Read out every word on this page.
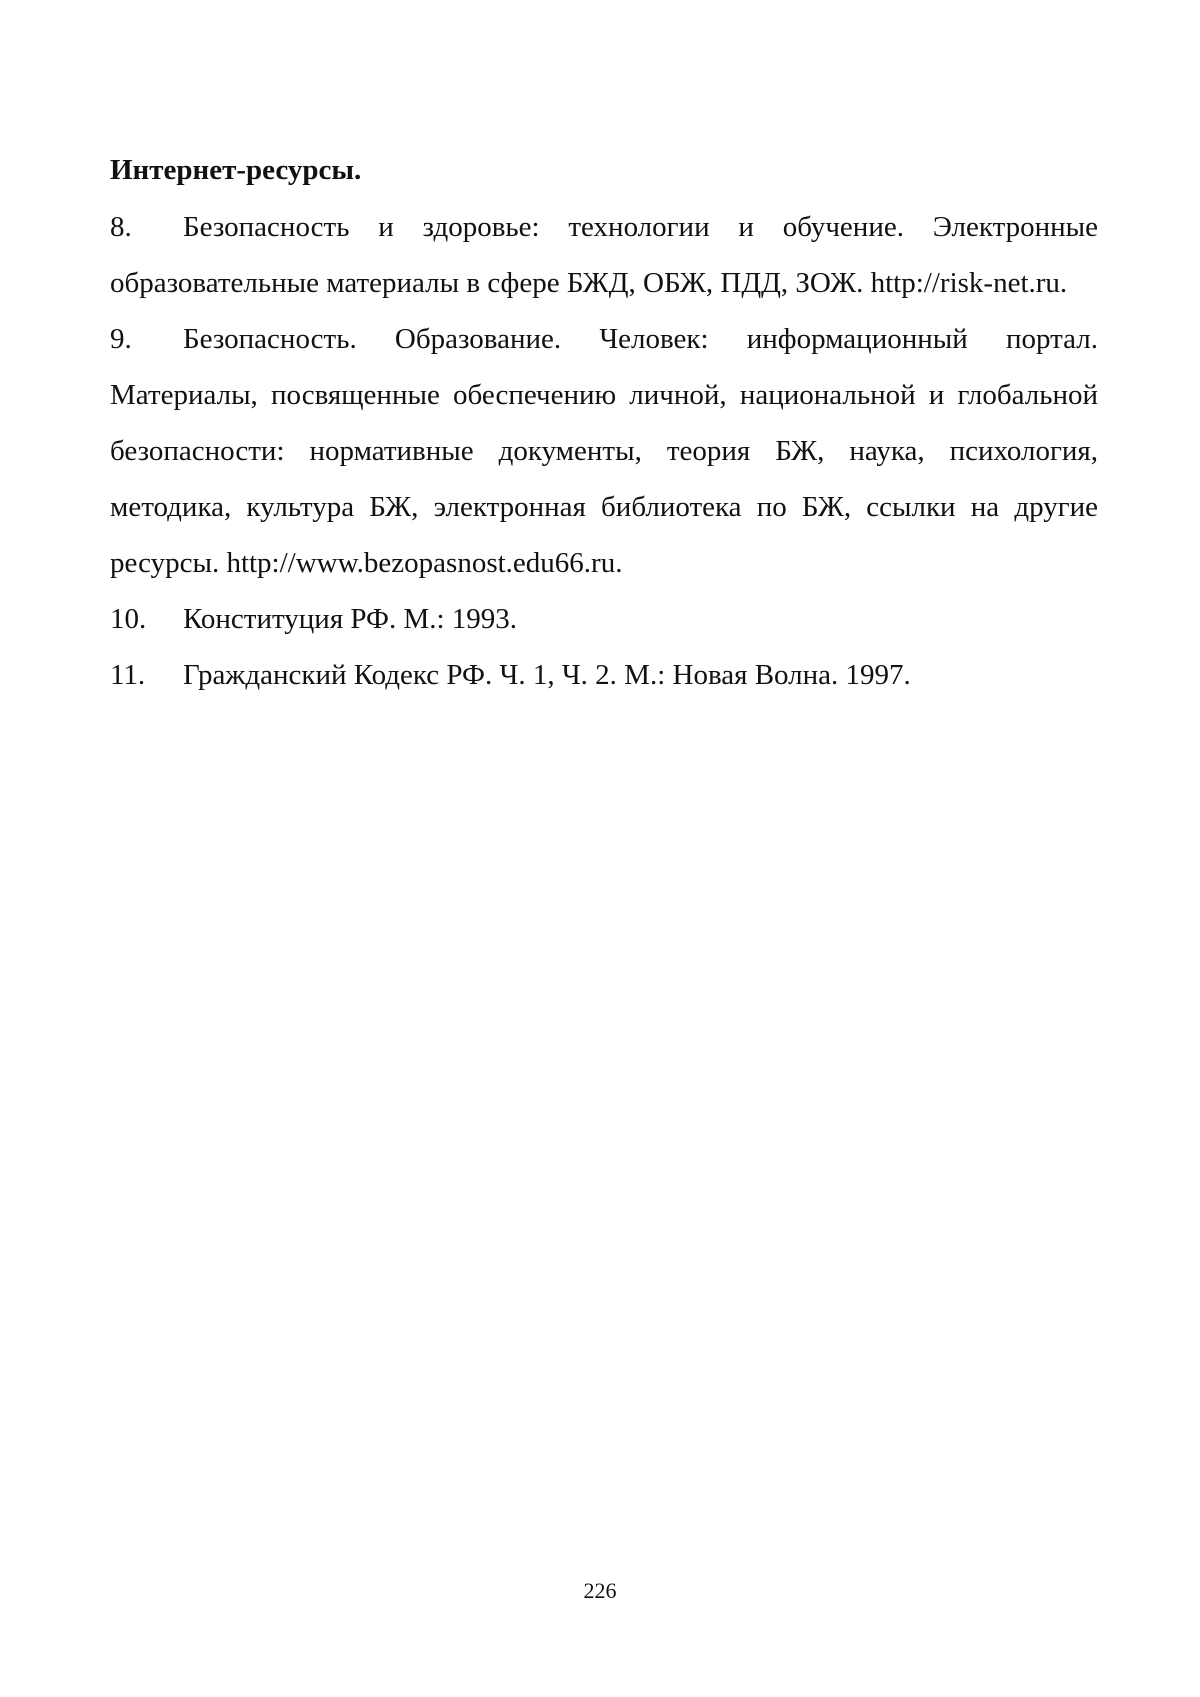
Интернет-ресурсы.

8. Безопасность и здоровье: технологии и обучение. Электронные образовательные материалы в сфере БЖД, ОБЖ, ПДД, ЗОЖ. http://risk-net.ru.

9. Безопасность. Образование. Человек: информационный портал. Материалы, посвященные обеспечению личной, национальной и глобальной безопасности: нормативные документы, теория БЖ, наука, психология, методика, культура БЖ, электронная библиотека по БЖ, ссылки на другие ресурсы. http://www.bezopasnost.edu66.ru.

10. Конституция РФ. М.: 1993.

11. Гражданский Кодекс РФ. Ч. 1, Ч. 2. М.: Новая Волна. 1997.

226
